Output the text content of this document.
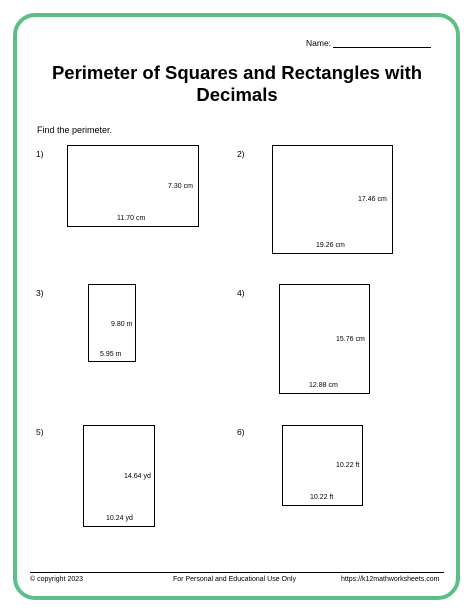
Name:
Perimeter of Squares and Rectangles with
Decimals
Find the perimeter.
1)
7.30 cm
11.70 cm
2)
17.46 cm
19.26 cm
3)
9.80 m
5.95 m
4)
15.76 cm
12.88 cm
5)
14.64 yd
10.24 yd
6)
10.22 ft
10.22 ft
© copyright 2023	For Personal and Educational Use Only	https://k12mathworksheets.com
